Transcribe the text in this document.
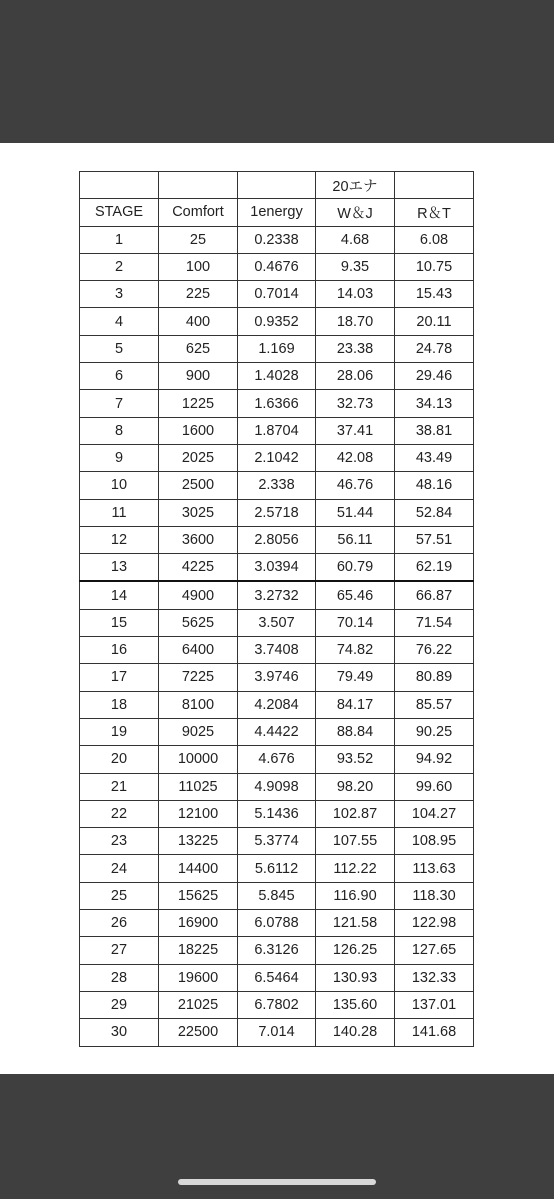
			20エナ	
STAGE	Comfort	1energy	W＆J	R＆T
1	25	0.2338	4.68	6.08
2	100	0.4676	9.35	10.75
3	225	0.7014	14.03	15.43
4	400	0.9352	18.70	20.11
5	625	1.169	23.38	24.78
6	900	1.4028	28.06	29.46
7	1225	1.6366	32.73	34.13
8	1600	1.8704	37.41	38.81
9	2025	2.1042	42.08	43.49
10	2500	2.338	46.76	48.16
11	3025	2.5718	51.44	52.84
12	3600	2.8056	56.11	57.51
13	4225	3.0394	60.79	62.19
14	4900	3.2732	65.46	66.87
15	5625	3.507	70.14	71.54
16	6400	3.7408	74.82	76.22
17	7225	3.9746	79.49	80.89
18	8100	4.2084	84.17	85.57
19	9025	4.4422	88.84	90.25
20	10000	4.676	93.52	94.92
21	11025	4.9098	98.20	99.60
22	12100	5.1436	102.87	104.27
23	13225	5.3774	107.55	108.95
24	14400	5.6112	112.22	113.63
25	15625	5.845	116.90	118.30
26	16900	6.0788	121.58	122.98
27	18225	6.3126	126.25	127.65
28	19600	6.5464	130.93	132.33
29	21025	6.7802	135.60	137.01
30	22500	7.014	140.28	141.68
